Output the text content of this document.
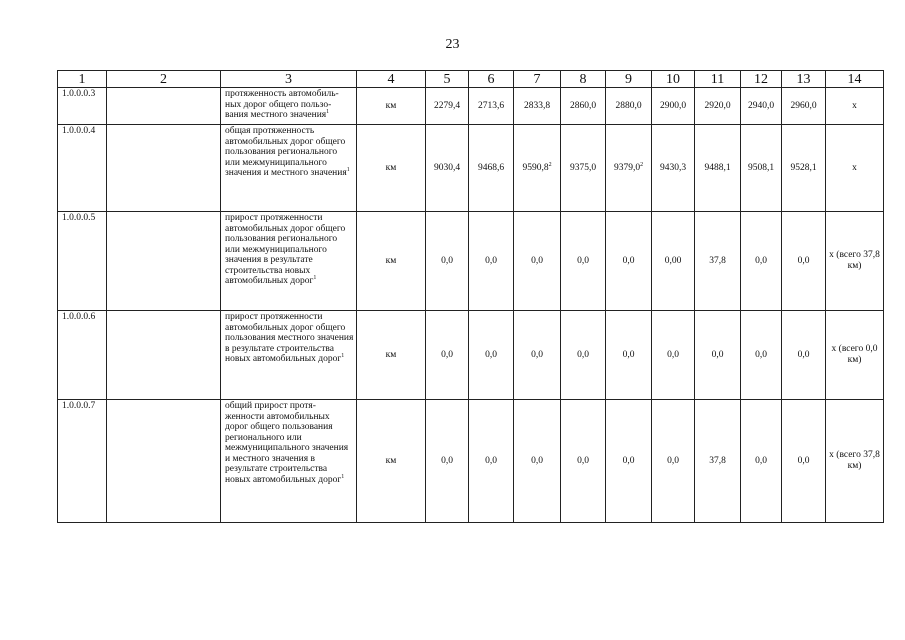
23
1	2	3	4	5	6	7	8	9	10	11	12	13	14
1.0.0.0.3		протяженность автомобиль-ных дорог общего пользо-вания местного значения$^1$	км	2279,4	2713,6	2833,8	2860,0	2880,0	2900,0	2920,0	2940,0	2960,0	х
1.0.0.0.4		общая протяженность автомобильных дорог общего пользования регионального или межмуниципального значения и местного значения$^1$	км	9030,4	9468,6	9590,8$^2$	9375,0	9379,0$^2$	9430,3	9488,1	9508,1	9528,1	х
1.0.0.0.5		прирост протяженности автомобильных дорог общего пользования регионального или межмуниципального значения в результате строительства новых автомобильных дорог$^1$	км	0,0	0,0	0,0	0,0	0,0	0,00	37,8	0,0	0,0	х (всего 37,8 км)
1.0.0.0.6		прирост протяженности автомобильных дорог общего пользования местного значения в результате строительства новых автомобильных дорог$^1$	км	0,0	0,0	0,0	0,0	0,0	0,0	0,0	0,0	0,0	х (всего 0,0 км)
1.0.0.0.7		общий прирост протя-женности автомобильных дорог общего пользования регионального или межмуниципального значения и местного значения в результате строительства новых автомобильных дорог$^1$	км	0,0	0,0	0,0	0,0	0,0	0,0	37,8	0,0	0,0	х (всего 37,8 км)
